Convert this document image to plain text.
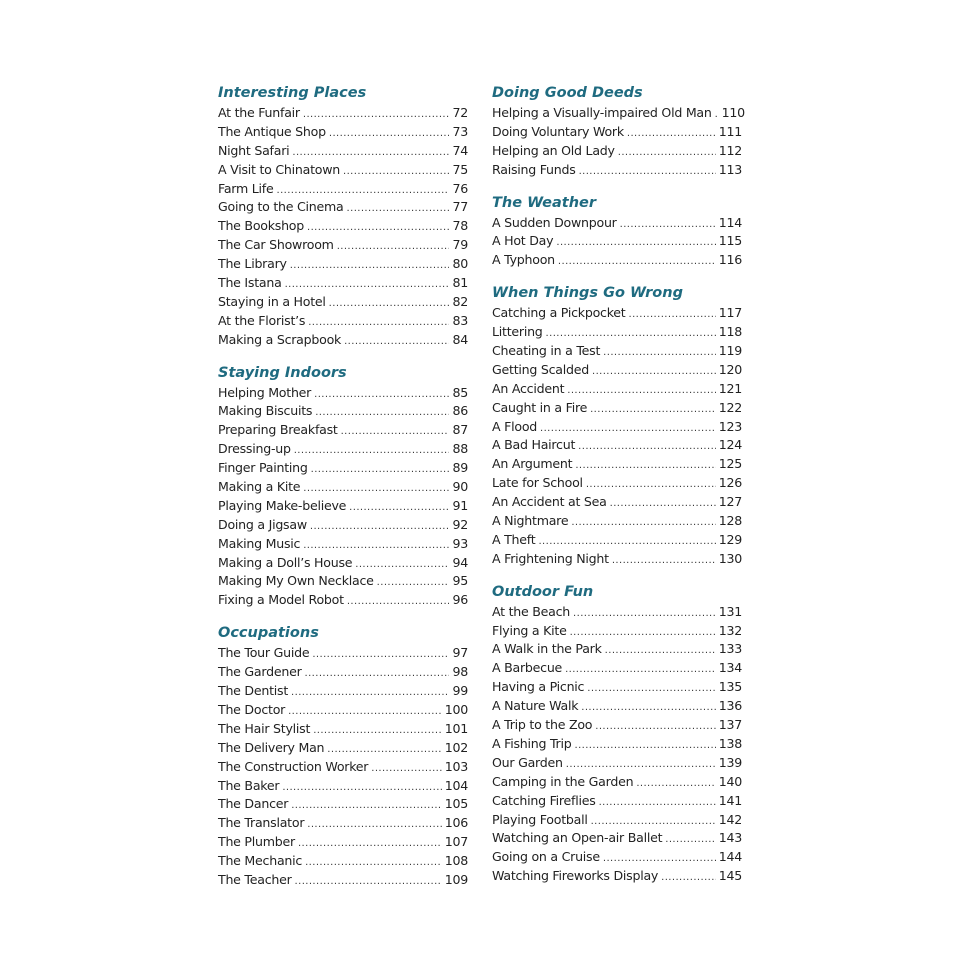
Interesting Places
At the Funfair .....	72
The Antique Shop .....	73
Night Safari .....	74
A Visit to Chinatown .....	75
Farm Life .....	76
Going to the Cinema .....	77
The Bookshop .....	78
The Car Showroom .....	79
The Library .....	80
The Istana .....	81
Staying in a Hotel .....	82
At the Florist’s .....	83
Making a Scrapbook .....	84
Staying Indoors
Helping Mother .....	85
Making Biscuits .....	86
Preparing Breakfast .....	87
Dressing-up .....	88
Finger Painting .....	89
Making a Kite .....	90
Playing Make-believe .....	91
Doing a Jigsaw .....	92
Making Music .....	93
Making a Doll’s House .....	94
Making My Own Necklace .....	95
Fixing a Model Robot .....	96
Occupations
The Tour Guide .....	97
The Gardener .....	98
The Dentist .....	99
The Doctor .....	100
The Hair Stylist .....	101
The Delivery Man .....	102
The Construction Worker .....	103
The Baker .....	104
The Dancer .....	105
The Translator .....	106
The Plumber .....	107
The Mechanic .....	108
The Teacher .....	109
Doing Good Deeds
Helping a Visually-impaired Old Man ..... 110
Doing Voluntary Work .....	111
Helping an Old Lady .....	112
Raising Funds .....	113
The Weather
A Sudden Downpour .....	114
A Hot Day .....	115
A Typhoon .....	116
When Things Go Wrong
Catching a Pickpocket .....	117
Littering .....	118
Cheating in a Test .....	119
Getting Scalded .....	120
An Accident .....	121
Caught in a Fire .....	122
A Flood .....	123
A Bad Haircut .....	124
An Argument .....	125
Late for School .....	126
An Accident at Sea .....	127
A Nightmare .....	128
A Theft .....	129
A Frightening Night .....	130
Outdoor Fun
At the Beach .....	131
Flying a Kite .....	132
A Walk in the Park .....	133
A Barbecue .....	134
Having a Picnic .....	135
A Nature Walk .....	136
A Trip to the Zoo .....	137
A Fishing Trip .....	138
Our Garden .....	139
Camping in the Garden .....	140
Catching Fireflies .....	141
Playing Football .....	142
Watching an Open-air Ballet .....	143
Going on a Cruise .....	144
Watching Fireworks Display .....	145
